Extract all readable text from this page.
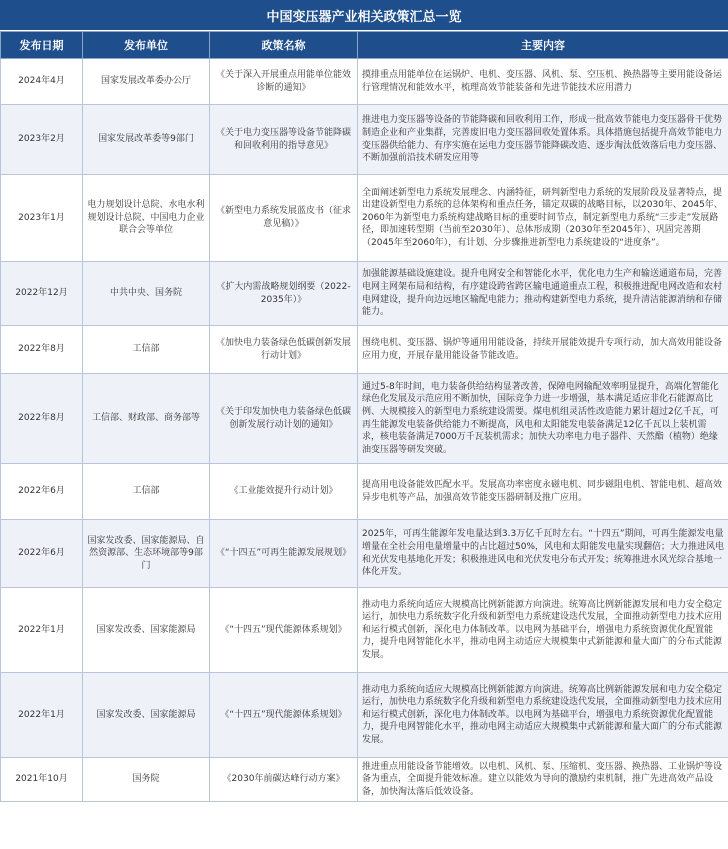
中国变压器产业相关政策汇总一览
发布日期	发布单位	政策名称	主要内容
2024年4月	国家发展改革委办公厅	《关于深入开展重点用能单位能效诊断的通知》	摸排重点用能单位在运锅炉、电机、变压器、风机、泵、空压机、换热器等主要用能设备运行管理情况和能效水平，梳理高效节能装备和先进节能技术应用潜力
2023年2月	国家发展改革委等9部门	《关于电力变压器等设备节能降碳和回收利用的指导意见》	推进电力变压器等设备的节能降碳和回收利用工作，形成一批高效节能电力变压器骨干优势制造企业和产业集群，完善废旧电力变压器回收处置体系。具体措施包括提升高效节能电力变压器供给能力、有序实施在运电力变压器节能降碳改造、逐步淘汰低效落后电力变压器、不断加强前沿技术研发应用等
2023年1月	电力规划设计总院、水电水利规划设计总院、中国电力企业联合会等单位	《新型电力系统发展蓝皮书（征求意见稿）》	全面阐述新型电力系统发展理念、内涵特征，研判新型电力系统的发展阶段及显著特点，提出建设新型电力系统的总体架构和重点任务，锚定双碳的战略目标，以2030年、2045年、2060年为新型电力系统构建战略目标的重要时间节点，制定新型电力系统“三步走”发展路径，即加速转型期（当前至2030年）、总体形成期（2030年至2045年）、巩固完善期（2045年至2060年），有计划、分步骤推进新型电力系统建设的“进度条”。
2022年12月	中共中央、国务院	《扩大内需战略规划纲要（2022-2035年）》	加强能源基础设施建设。提升电网安全和智能化水平，优化电力生产和输送通道布局，完善电网主网架布局和结构，有序建设跨省跨区输电通道重点工程，积极推进配电网改造和农村电网建设，提升向边远地区输配电能力；推动构建新型电力系统，提升清洁能源消纳和存储能力。
2022年8月	工信部	《加快电力装备绿色低碳创新发展行动计划》	围绕电机、变压器、锅炉等通用用能设备，持续开展能效提升专项行动，加大高效用能设备应用力度，开展存量用能设备节能改造。
2022年8月	工信部、财政部、商务部等	《关于印发加快电力装备绿色低碳创新发展行动计划的通知》	通过5-8年时间，电力装备供给结构显著改善，保障电网输配效率明显提升，高端化智能化绿色化发展及示范应用不断加快，国际竞争力进一步增强，基本满足适应非化石能源高比例、大规模接入的新型电力系统建设需要。煤电机组灵活性改造能力累计超过2亿千瓦，可再生能源发电装备供给能力不断提高，风电和太阳能发电装备满足12亿千瓦以上装机需求，核电装备满足7000万千瓦装机需求；加快大功率电力电子器件、天然酯（植物）绝缘油变压器等研发突破。
2022年6月	工信部	《工业能效提升行动计划》	提高用电设备能效匹配水平。发展高功率密度永磁电机、同步磁阻电机、智能电机、超高效异步电机等产品，加强高效节能变压器研制及推广应用。
2022年6月	国家发改委、国家能源局、自然资源部、生态环境部等9部门	《“十四五”可再生能源发展规划》	2025年，可再生能源年发电量达到3.3万亿千瓦时左右。“十四五”期间，可再生能源发电量增量在全社会用电量增量中的占比超过50%，风电和太阳能发电量实现翻倍；大力推进风电和光伏发电基地化开发；积极推进风电和光伏发电分布式开发；统筹推进水风光综合基地一体化开发。
2022年1月	国家发改委、国家能源局	《“十四五”现代能源体系规划》	推动电力系统向适应大规模高比例新能源方向演进。统筹高比例新能源发展和电力安全稳定运行，加快电力系统数字化升级和新型电力系统建设迭代发展，全面推动新型电力技术应用和运行模式创新，深化电力体制改革。以电网为基础平台，增强电力系统资源优化配置能力，提升电网智能化水平，推动电网主动适应大规模集中式新能源和量大面广的分布式能源发展。
2022年1月	国家发改委、国家能源局	《“十四五”现代能源体系规划》	推动电力系统向适应大规模高比例新能源方向演进。统筹高比例新能源发展和电力安全稳定运行，加快电力系统数字化升级和新型电力系统建设迭代发展，全面推动新型电力技术应用和运行模式创新，深化电力体制改革。以电网为基础平台，增强电力系统资源优化配置能力，提升电网智能化水平，推动电网主动适应大规模集中式新能源和量大面广的分布式能源发展。
2021年10月	国务院	《2030年前碳达峰行动方案》	推进重点用能设备节能增效。以电机、风机、泵、压缩机、变压器、换热器、工业锅炉等设备为重点，全面提升能效标准。建立以能效为导向的激励约束机制，推广先进高效产品设备，加快淘汰落后低效设备。
